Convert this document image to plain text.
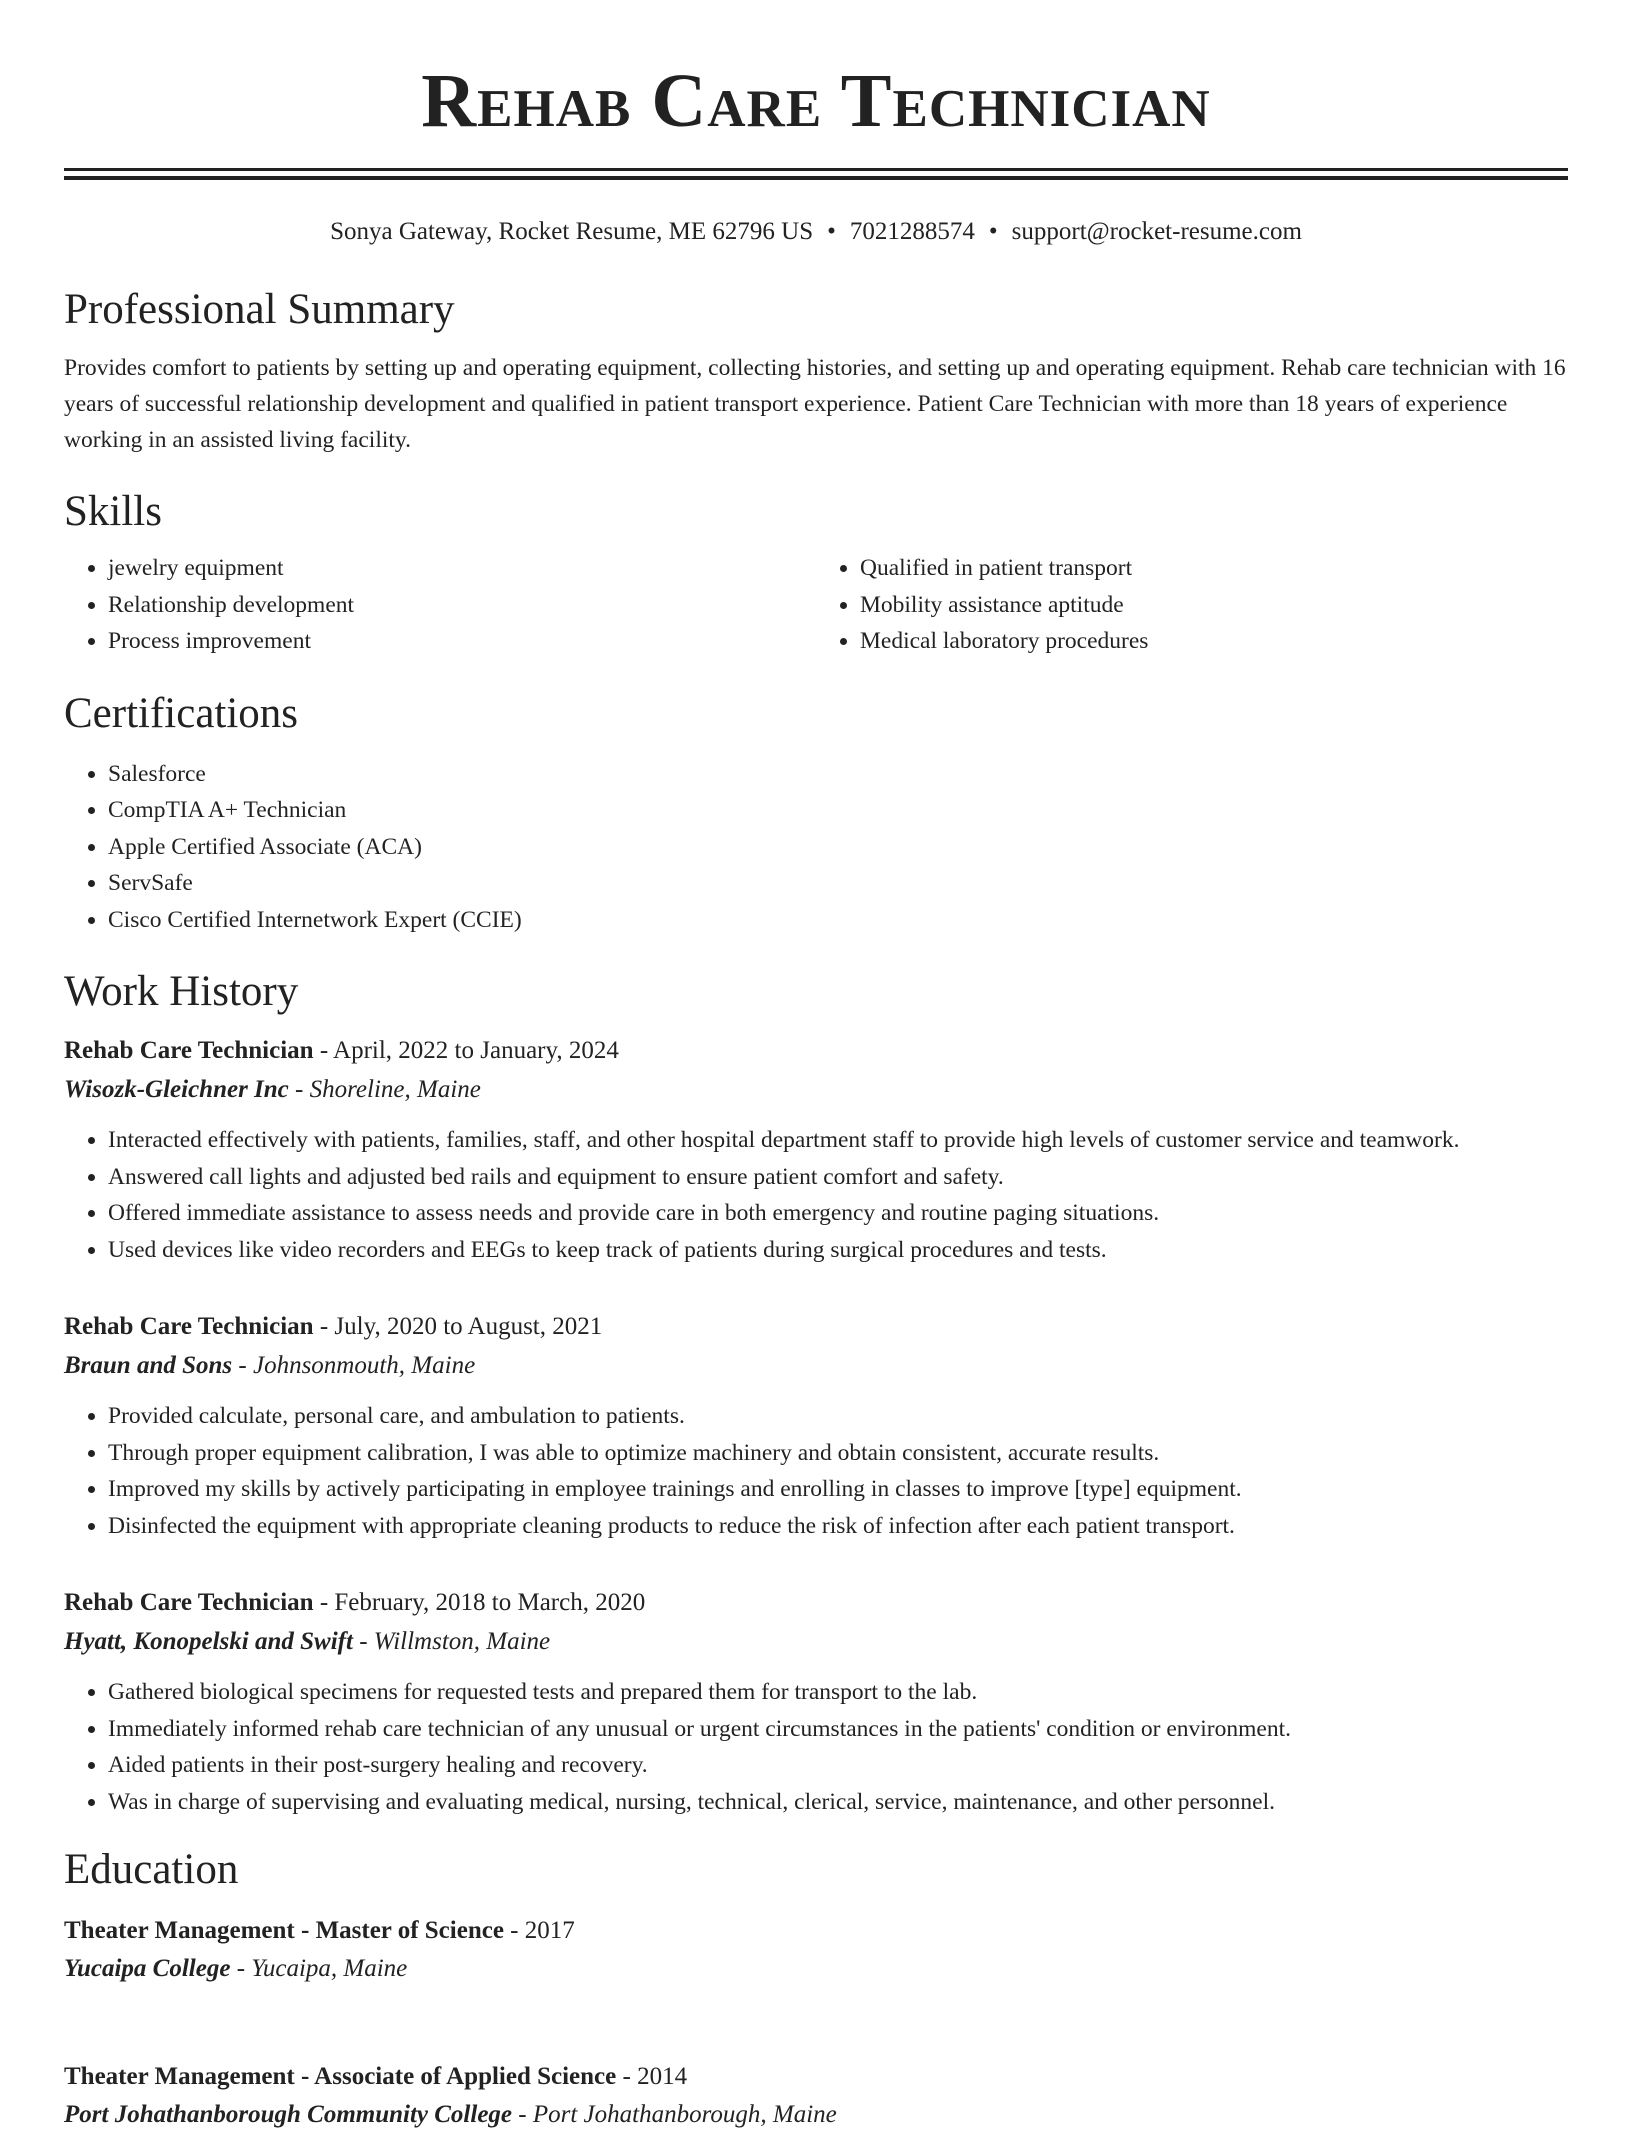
Rehab Care Technician
Sonya Gateway, Rocket Resume, ME 62796 US • 7021288574 • support@rocket-resume.com
Professional Summary
Provides comfort to patients by setting up and operating equipment, collecting histories, and setting up and operating equipment. Rehab care technician with 16 years of successful relationship development and qualified in patient transport experience. Patient Care Technician with more than 18 years of experience working in an assisted living facility.
Skills
• jewelry equipment
• Relationship development
• Process improvement
• Qualified in patient transport
• Mobility assistance aptitude
• Medical laboratory procedures
Certifications
• Salesforce
• CompTIA A+ Technician
• Apple Certified Associate (ACA)
• ServSafe
• Cisco Certified Internetwork Expert (CCIE)
Work History
Rehab Care Technician - April, 2022 to January, 2024
Wisozk-Gleichner Inc - Shoreline, Maine
• Interacted effectively with patients, families, staff, and other hospital department staff to provide high levels of customer service and teamwork.
• Answered call lights and adjusted bed rails and equipment to ensure patient comfort and safety.
• Offered immediate assistance to assess needs and provide care in both emergency and routine paging situations.
• Used devices like video recorders and EEGs to keep track of patients during surgical procedures and tests.
Rehab Care Technician - July, 2020 to August, 2021
Braun and Sons - Johnsonmouth, Maine
• Provided calculate, personal care, and ambulation to patients.
• Through proper equipment calibration, I was able to optimize machinery and obtain consistent, accurate results.
• Improved my skills by actively participating in employee trainings and enrolling in classes to improve [type] equipment.
• Disinfected the equipment with appropriate cleaning products to reduce the risk of infection after each patient transport.
Rehab Care Technician - February, 2018 to March, 2020
Hyatt, Konopelski and Swift - Willmston, Maine
• Gathered biological specimens for requested tests and prepared them for transport to the lab.
• Immediately informed rehab care technician of any unusual or urgent circumstances in the patients' condition or environment.
• Aided patients in their post-surgery healing and recovery.
• Was in charge of supervising and evaluating medical, nursing, technical, clerical, service, maintenance, and other personnel.
Education
Theater Management - Master of Science - 2017
Yucaipa College - Yucaipa, Maine
Theater Management - Associate of Applied Science - 2014
Port Johathanborough Community College - Port Johathanborough, Maine
